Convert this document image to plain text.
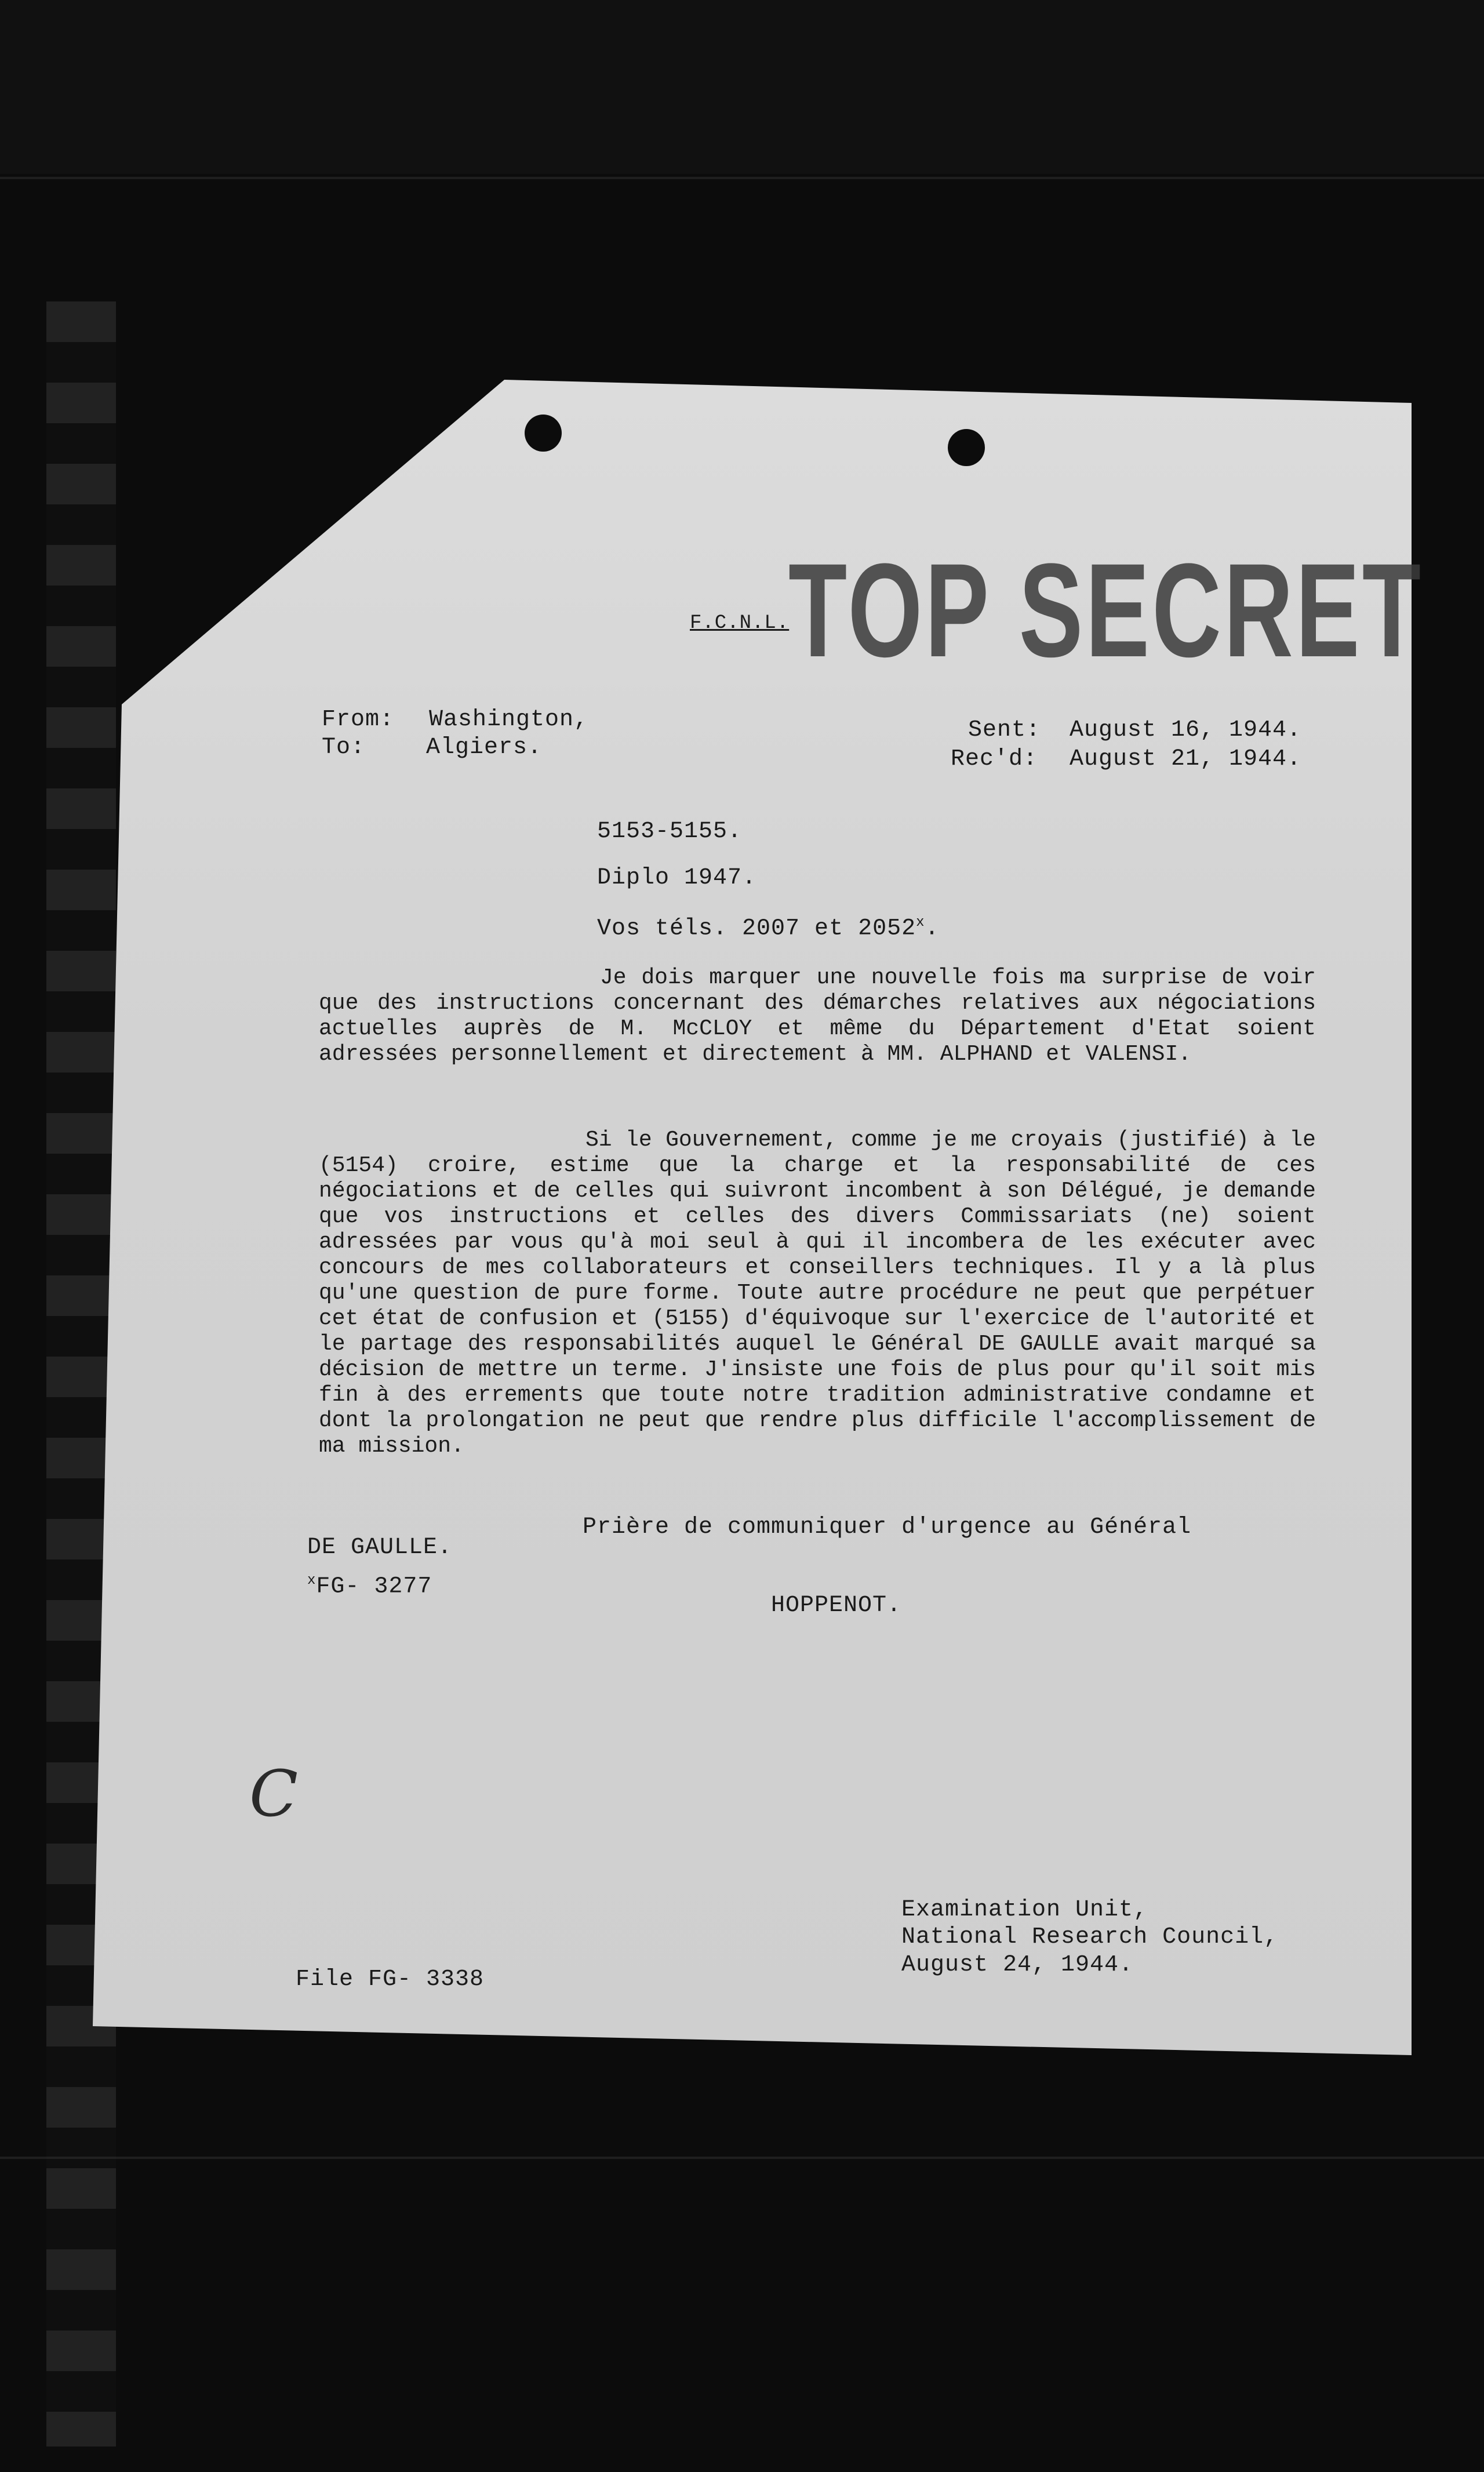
F.C.N.L.
TOP SECRET
From: Washington,
To:	Algiers.
Sent: August 16, 1944.
Rec'd: August 21, 1944.
5153-5155.
Diplo 1947.
Vos téls. 2007 et 2052$^x$.
Je dois marquer une nouvelle fois ma surprise de voir que des instructions concernant des démarches relatives aux négociations actuelles auprès de M. McCLOY et même du Département d'Etat soient adressées personnellement et directement à MM. ALPHAND et VALENSI.
Si le Gouvernement, comme je me croyais (justifié) à le (5154) croire, estime que la charge et la responsabilité de ces négociations et de celles qui suivront incombent à son Délégué, je demande que vos instructions et celles des divers Commissariats (ne) soient adressées par vous qu'à moi seul à qui il incombera de les exécuter avec concours de mes collaborateurs et conseillers techniques. Il y a là plus qu'une question de pure forme. Toute autre procédure ne peut que perpétuer cet état de confusion et (5155) d'équivoque sur l'exercice de l'autorité et le partage des responsabilités auquel le Général DE GAULLE avait marqué sa décision de mettre un terme. J'insiste une fois de plus pour qu'il soit mis fin à des errements que toute notre tradition administrative condamne et dont la prolongation ne peut que rendre plus difficile l'accomplissement de ma mission.
Prière de communiquer d'urgence au Général
DE GAULLE.
$^x$FG- 3277
HOPPENOT.
C
File FG- 3338
Examination Unit,
National Research Council,
August 24, 1944.
